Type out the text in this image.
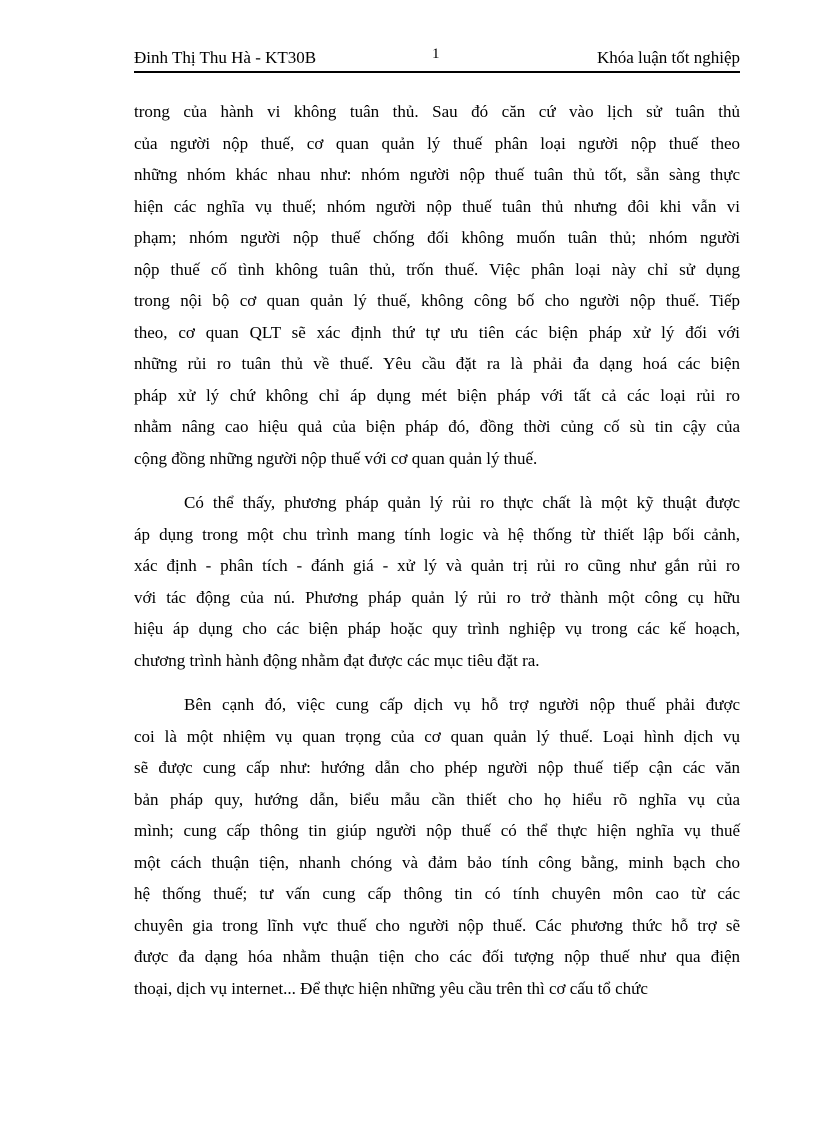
Đinh Thị Thu Hà - KT30B	1	Khóa luận tốt nghiệp

trong của hành vi không tuân thủ. Sau đó căn cứ vào lịch sử tuân thủ
của người nộp thuế, cơ quan quản lý thuế phân loại người nộp thuế theo
những nhóm khác nhau như: nhóm người nộp thuế tuân thủ tốt, sẵn sàng thực
hiện các nghĩa vụ thuế; nhóm người nộp thuế tuân thủ nhưng đôi khi vẫn vi
phạm; nhóm người nộp thuế chống đối không muốn tuân thủ; nhóm người
nộp thuế cố tình không tuân thủ, trốn thuế. Việc phân loại này chỉ sử dụng
trong nội bộ cơ quan quản lý thuế, không công bố cho người nộp thuế. Tiếp
theo, cơ quan QLT sẽ xác định thứ tự ưu tiên các biện pháp xử lý đối với
những rủi ro tuân thủ về thuế. Yêu cầu đặt ra là phải đa dạng hoá các biện
pháp xử lý chứ không chỉ áp dụng mét biện pháp với tất cả các loại rủi ro
nhằm nâng cao hiệu quả của biện pháp đó, đồng thời củng cố sù tin cậy của
cộng đồng những người nộp thuế với cơ quan quản lý thuế.

Có thể thấy, phương pháp quản lý rủi ro thực chất là một kỹ thuật được
áp dụng trong một chu trình mang tính logic và hệ thống từ thiết lập bối cảnh,
xác định - phân tích - đánh giá - xử lý và quản trị rủi ro cũng như gắn rủi ro
với tác động của nú. Phương pháp quản lý rủi ro trở thành một công cụ hữu
hiệu áp dụng cho các biện pháp hoặc quy trình nghiệp vụ trong các kế hoạch,
chương trình hành động nhằm đạt được các mục tiêu đặt ra.

Bên cạnh đó, việc cung cấp dịch vụ hỗ trợ người nộp thuế phải được
coi là một nhiệm vụ quan trọng của cơ quan quản lý thuế. Loại hình dịch vụ
sẽ được cung cấp như: hướng dẫn cho phép người nộp thuế tiếp cận các văn
bản pháp quy, hướng dẫn, biểu mẫu cần thiết cho họ hiểu rõ nghĩa vụ của
mình; cung cấp thông tin giúp người nộp thuế có thể thực hiện nghĩa vụ thuế
một cách thuận tiện, nhanh chóng và đảm bảo tính công bằng, minh bạch cho
hệ thống thuế; tư vấn cung cấp thông tin có tính chuyên môn cao từ các
chuyên gia trong lĩnh vực thuế cho người nộp thuế. Các phương thức hỗ trợ sẽ
được đa dạng hóa nhằm thuận tiện cho các đối tượng nộp thuế như qua điện
thoại, dịch vụ internet... Để thực hiện những yêu cầu trên thì cơ cấu tổ chức
